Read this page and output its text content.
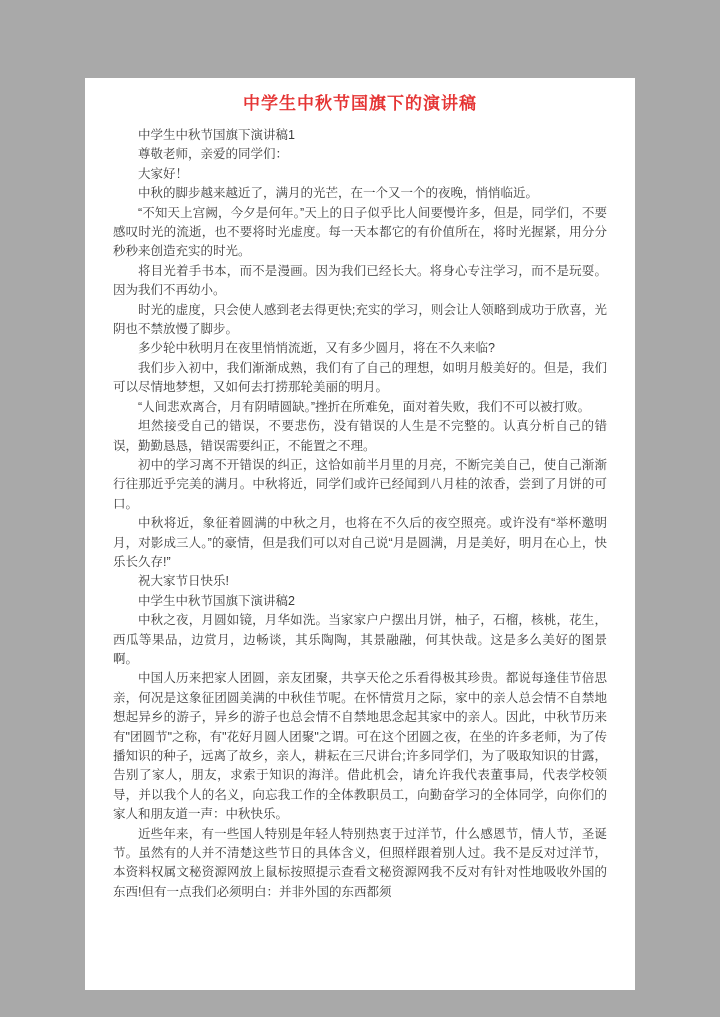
中学生中秋节国旗下的演讲稿

中学生中秋节国旗下演讲稿1

尊敬老师，亲爱的同学们：

大家好！

中秋的脚步越来越近了，满月的光芒，在一个又一个的夜晚，悄悄临近。

“不知天上宫阙，今夕是何年。”天上的日子似乎比人间要慢许多，但是，同学们，不要感叹时光的流逝，也不要将时光虚度。每一天本都它的有价值所在，将时光握紧，用分分秒秒来创造充实的时光。

将目光着手书本，而不是漫画。因为我们已经长大。将身心专注学习，而不是玩耍。因为我们不再幼小。

时光的虚度，只会使人感到老去得更快;充实的学习，则会让人领略到成功于欣喜，光阴也不禁放慢了脚步。

多少轮中秋明月在夜里悄悄流逝，又有多少圆月，将在不久来临?

我们步入初中，我们渐渐成熟，我们有了自己的理想，如明月般美好的。但是，我们可以尽情地梦想，又如何去打捞那轮美丽的明月。

“人间悲欢离合，月有阴晴圆缺。”挫折在所难免，面对着失败，我们不可以被打败。

坦然接受自己的错误，不要悲伤，没有错误的人生是不完整的。认真分析自己的错误，勤勤恳恳，错误需要纠正，不能置之不理。

初中的学习离不开错误的纠正，这恰如前半月里的月亮，不断完美自己，使自己渐渐行往那近乎完美的满月。中秋将近，同学们或许已经闻到八月桂的浓香，尝到了月饼的可口。

中秋将近，象征着圆满的中秋之月，也将在不久后的夜空照亮。或许没有“举杯邀明月，对影成三人。”的豪情，但是我们可以对自己说“月是圆满，月是美好，明月在心上，快乐长久存!”

祝大家节日快乐!

中学生中秋节国旗下演讲稿2

中秋之夜，月圆如镜，月华如洗。当家家户户摆出月饼，柚子，石榴，核桃，花生，西瓜等果品，边赏月，边畅谈，其乐陶陶，其景融融，何其快哉。这是多么美好的图景啊。

中国人历来把家人团圆，亲友团聚，共享天伦之乐看得极其珍贵。都说每逢佳节倍思亲，何况是这象征团圆美满的中秋佳节呢。在怀情赏月之际，家中的亲人总会情不自禁地想起异乡的游子，异乡的游子也总会情不自禁地思念起其家中的亲人。因此，中秋节历来有"团圆节"之称，有"花好月圆人团聚"之谓。可在这个团圆之夜，在坐的许多老师，为了传播知识的种子，远离了故乡，亲人，耕耘在三尺讲台;许多同学们，为了吸取知识的甘露，告别了家人，朋友，求索于知识的海洋。借此机会，请允许我代表董事局，代表学校领导，并以我个人的名义，向忘我工作的全体教职员工，向勤奋学习的全体同学，向你们的家人和朋友道一声：中秋快乐。

近些年来，有一些国人特别是年轻人特别热衷于过洋节，什么感恩节，情人节，圣诞节。虽然有的人并不清楚这些节日的具体含义，但照样跟着别人过。我不是反对过洋节，本资料权属文秘资源网放上鼠标按照提示查看文秘资源网我不反对有针对性地吸收外国的东西!但有一点我们必须明白：并非外国的东西都须
